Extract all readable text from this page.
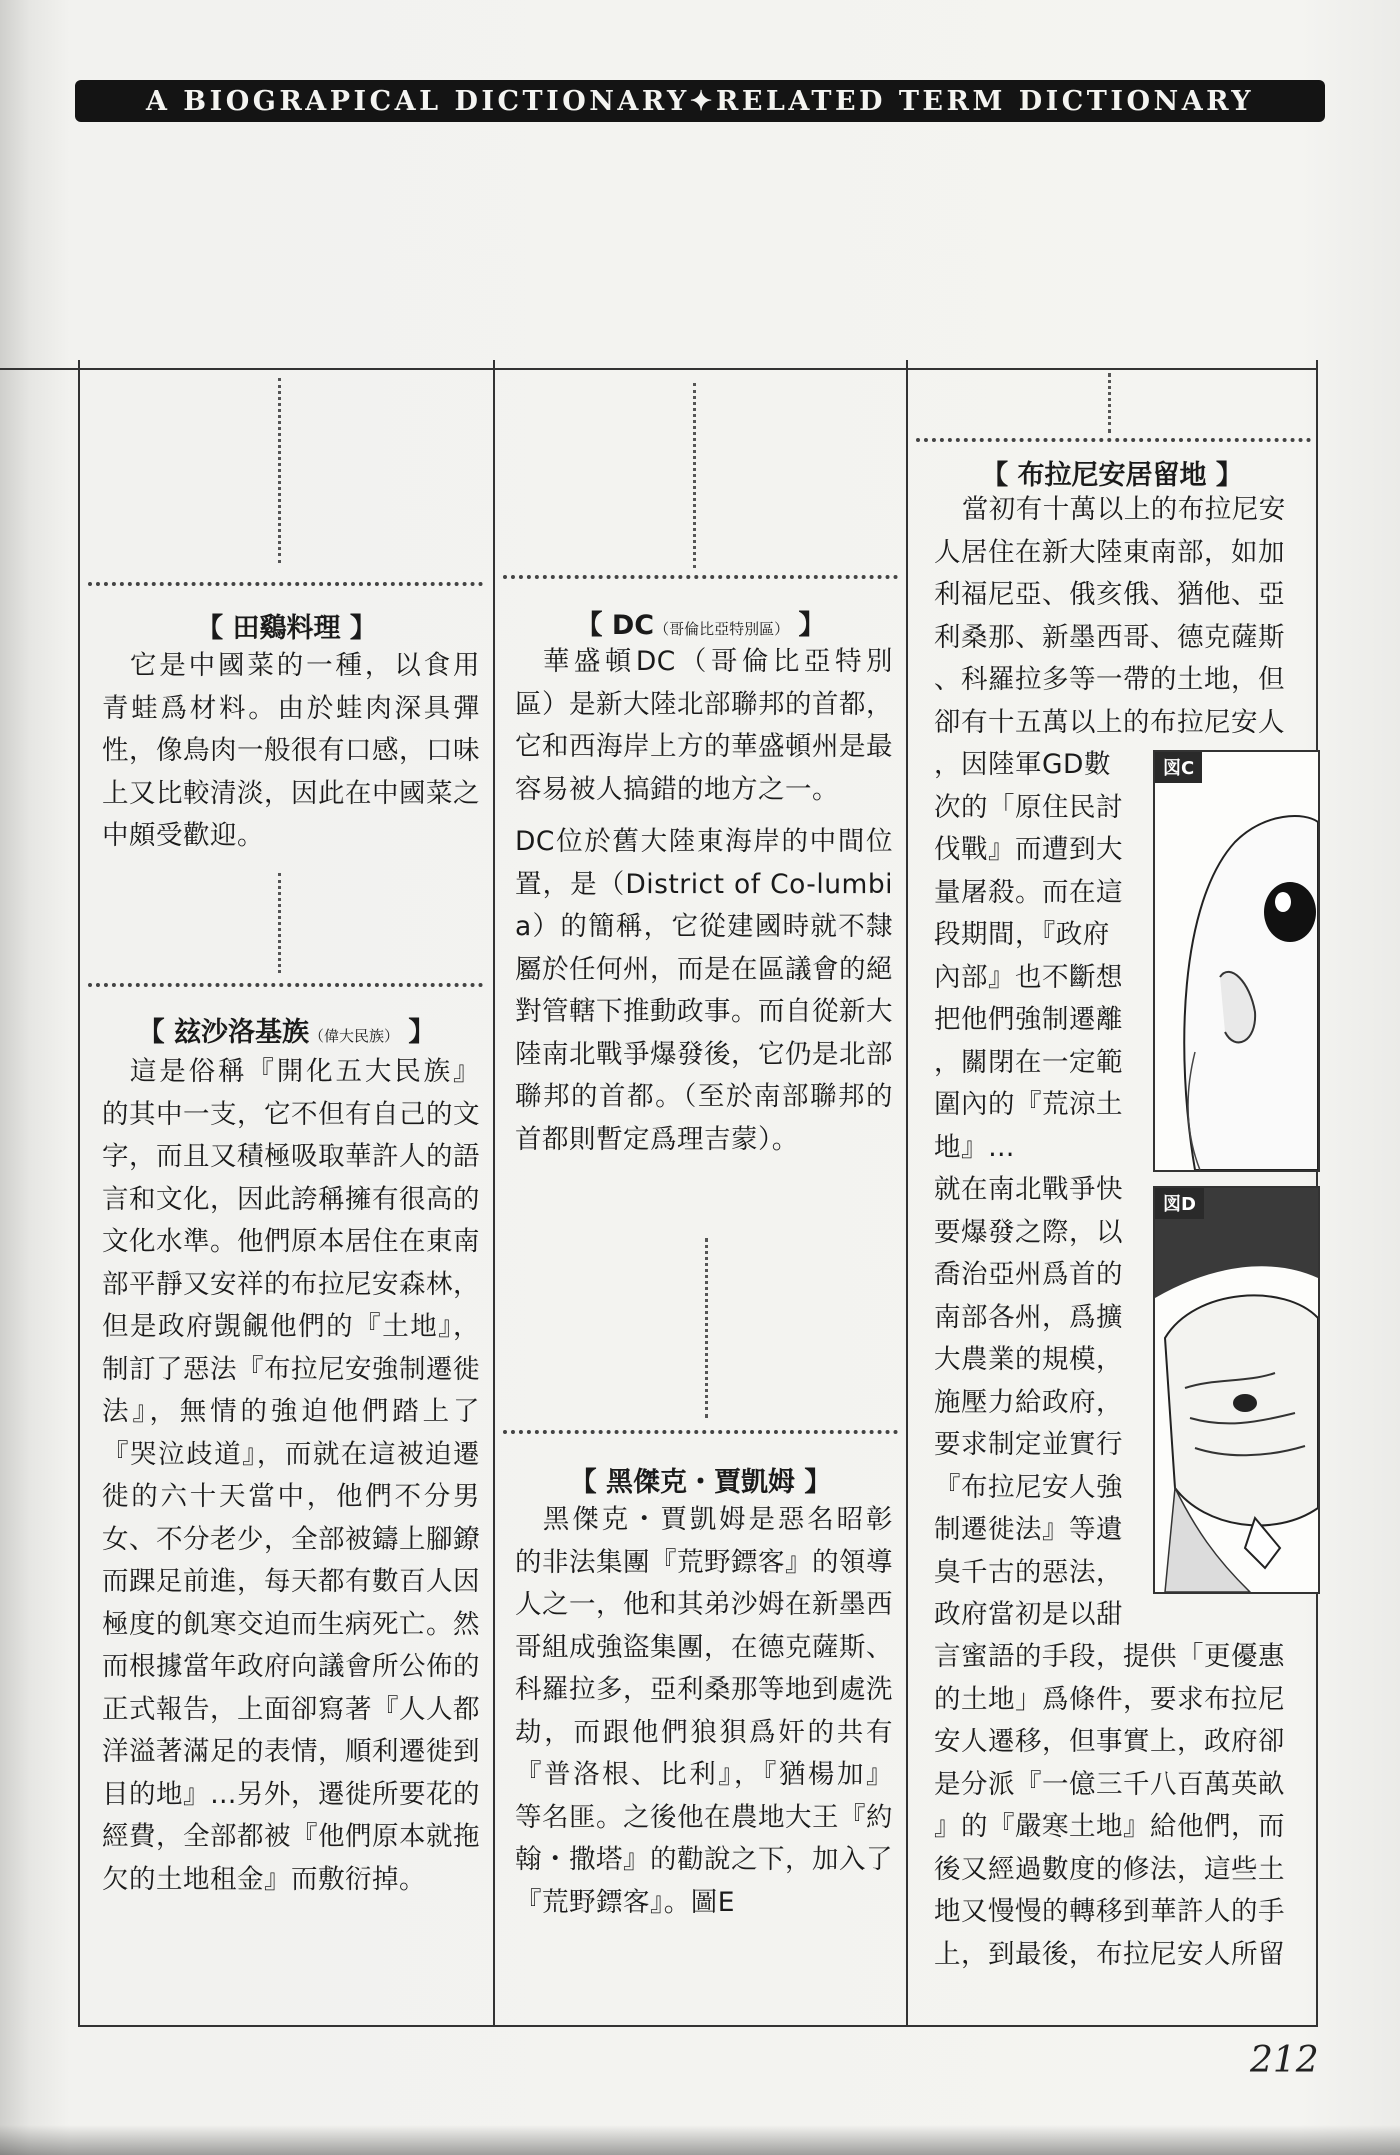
A BIOGRAPICAL DICTIONARY✦RELATED TERM DICTIONARY
【 田鷄料理 】

它是中國菜的一種，以食用青蛙爲材料。由於蛙肉深具彈性，像鳥肉一般很有口感，口味上又比較清淡，因此在中國菜之中頗受歡迎。

【 玆沙洛基族（偉大民族） 】

這是俗稱『開化五大民族』的其中一支，它不但有自己的文字，而且又積極吸取華許人的語言和文化，因此誇稱擁有很高的文化水準。他們原本居住在東南部平靜又安祥的布拉尼安森林，但是政府覬覦他們的『土地』，制訂了惡法『布拉尼安強制遷徙法』，無情的強迫他們踏上了『哭泣歧道』，而就在這被迫遷徙的六十天當中，他們不分男女、不分老少，全部被鑄上腳鐐而踝足前進，每天都有數百人因極度的飢寒交迫而生病死亡。然而根據當年政府向議會所公佈的正式報告，上面卻寫著『人人都洋溢著滿足的表情，順利遷徙到目的地』…另外，遷徙所要花的經費，全部都被『他們原本就拖欠的土地租金』而敷衍掉。

【 DC（哥倫比亞特別區） 】

華盛頓DC（哥倫比亞特別區）是新大陸北部聯邦的首都，它和西海岸上方的華盛頓州是最容易被人搞錯的地方之一。

DC位於舊大陸東海岸的中間位置，是（District of Co-lumbia）的簡稱，它從建國時就不隸屬於任何州，而是在區議會的絕對管轄下推動政事。而自從新大陸南北戰爭爆發後，它仍是北部聯邦的首都。（至於南部聯邦的首都則暫定爲理吉蒙）。

【 黑傑克・賈凱姆 】

黑傑克・賈凱姆是惡名昭彰的非法集團『荒野鏢客』的領導人之一，他和其弟沙姆在新墨西哥組成強盜集團，在德克薩斯、科羅拉多，亞利桑那等地到處洗劫，而跟他們狼狽爲奸的共有『普洛根、比利』，『猶楊加』等名匪。之後他在農地大王『約翰・撒塔』的勸說之下，加入了『荒野鏢客』。圖E

【 布拉尼安居留地 】

當初有十萬以上的布拉尼安

人居住在新大陸東南部，如加

利福尼亞、俄亥俄、猶他、亞

利桑那、新墨西哥、德克薩斯

、科羅拉多等一帶的土地，但

卻有十五萬以上的布拉尼安人

，因陸軍GD數

次的「原住民討

伐戰』而遭到大

量屠殺。而在這

段期間，『政府

內部』也不斷想

把他們強制遷離

，關閉在一定範

圍內的『荒涼土

地』…

就在南北戰爭快

要爆發之際，以

喬治亞州爲首的

南部各州，爲擴

大農業的規模，

施壓力給政府，

要求制定並實行

『布拉尼安人強

制遷徙法』等遺

臭千古的惡法，

政府當初是以甜

言蜜語的手段，提供「更優惠

的土地」爲條件，要求布拉尼

安人遷移，但事實上，政府卻

是分派『一億三千八百萬英畝

』的『嚴寒土地』給他們，而

後又經過數度的修法，這些土

地又慢慢的轉移到華許人的手

上，到最後，布拉尼安人所留

図C
図D
212
